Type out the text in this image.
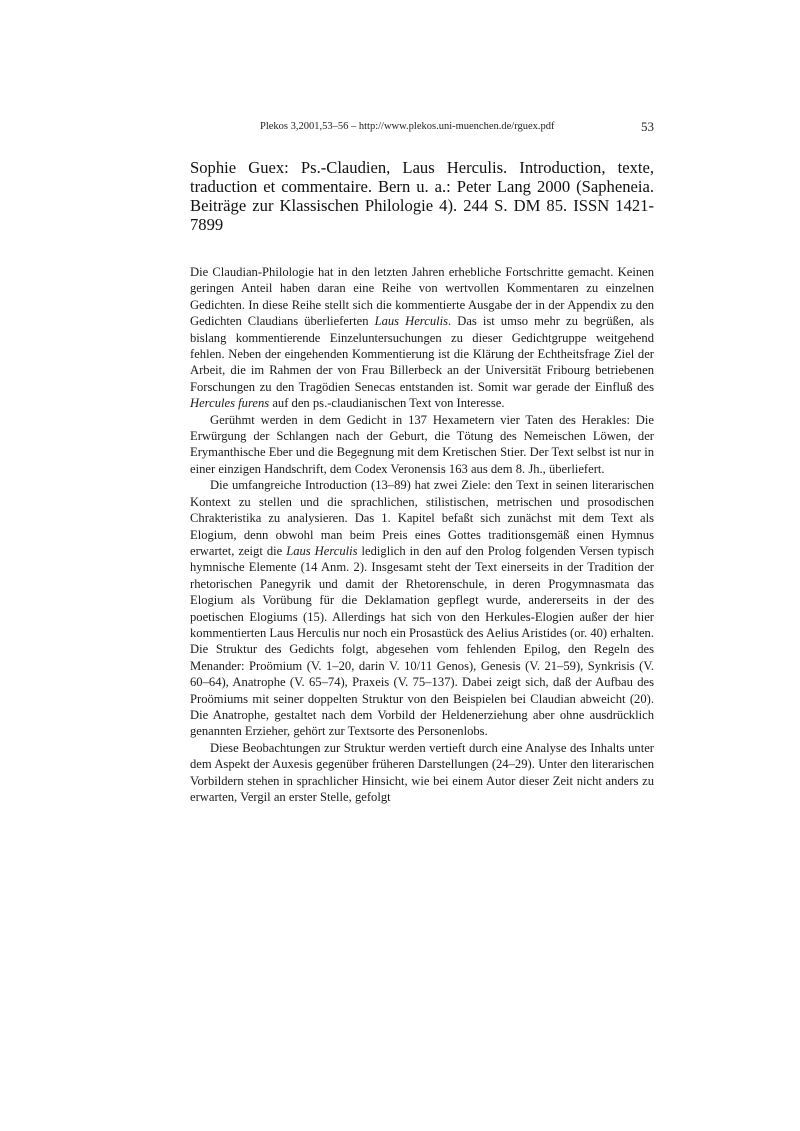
Plekos 3,2001,53–56 – http://www.plekos.uni-muenchen.de/rguex.pdf	53
Sophie Guex: Ps.-Claudien, Laus Herculis. Introduction, texte, traduction et commentaire. Bern u. a.: Peter Lang 2000 (Sapheneia. Beiträge zur Klassischen Philologie 4). 244 S. DM 85. ISSN 1421-7899

Die Claudian-Philologie hat in den letzten Jahren erhebliche Fortschritte gemacht. Keinen geringen Anteil haben daran eine Reihe von wertvollen Kommentaren zu einzelnen Gedichten. In diese Reihe stellt sich die kommentierte Ausgabe der in der Appendix zu den Gedichten Claudians überlieferten Laus Herculis. Das ist umso mehr zu begrüßen, als bislang kommentierende Einzeluntersuchungen zu dieser Gedichtgruppe weitgehend fehlen. Neben der eingehenden Kommentierung ist die Klärung der Echtheitsfrage Ziel der Arbeit, die im Rahmen der von Frau Billerbeck an der Universität Fribourg betriebenen Forschungen zu den Tragödien Senecas entstanden ist. Somit war gerade der Einfluß des Hercules furens auf den ps.-claudianischen Text von Interesse.

Gerühmt werden in dem Gedicht in 137 Hexametern vier Taten des Herakles: Die Erwürgung der Schlangen nach der Geburt, die Tötung des Nemeischen Löwen, der Erymanthische Eber und die Begegnung mit dem Kretischen Stier. Der Text selbst ist nur in einer einzigen Handschrift, dem Codex Veronensis 163 aus dem 8. Jh., überliefert.

Die umfangreiche Introduction (13–89) hat zwei Ziele: den Text in seinen literarischen Kontext zu stellen und die sprachlichen, stilistischen, metrischen und prosodischen Chrakteristika zu analysieren. Das 1. Kapitel befaßt sich zunächst mit dem Text als Elogium, denn obwohl man beim Preis eines Gottes traditionsgemäß einen Hymnus erwartet, zeigt die Laus Herculis lediglich in den auf den Prolog folgenden Versen typisch hymnische Elemente (14 Anm. 2). Insgesamt steht der Text einerseits in der Tradition der rhetorischen Panegyrik und damit der Rhetorenschule, in deren Progymnasmata das Elogium als Vorübung für die Deklamation gepflegt wurde, andererseits in der des poetischen Elogiums (15). Allerdings hat sich von den Herkules-Elogien außer der hier kommentierten Laus Herculis nur noch ein Prosastück des Aelius Aristides (or. 40) erhalten. Die Struktur des Gedichts folgt, abgesehen vom fehlenden Epilog, den Regeln des Menander: Proömium (V. 1–20, darin V. 10/11 Genos), Genesis (V. 21–59), Synkrisis (V. 60–64), Anatrophe (V. 65–74), Praxeis (V. 75–137). Dabei zeigt sich, daß der Aufbau des Proömiums mit seiner doppelten Struktur von den Beispielen bei Claudian abweicht (20). Die Anatrophe, gestaltet nach dem Vorbild der Heldenerziehung aber ohne ausdrücklich genannten Erzieher, gehört zur Textsorte des Personenlobs.

Diese Beobachtungen zur Struktur werden vertieft durch eine Analyse des Inhalts unter dem Aspekt der Auxesis gegenüber früheren Darstellungen (24–29). Unter den literarischen Vorbildern stehen in sprachlicher Hinsicht, wie bei einem Autor dieser Zeit nicht anders zu erwarten, Vergil an erster Stelle, gefolgt
